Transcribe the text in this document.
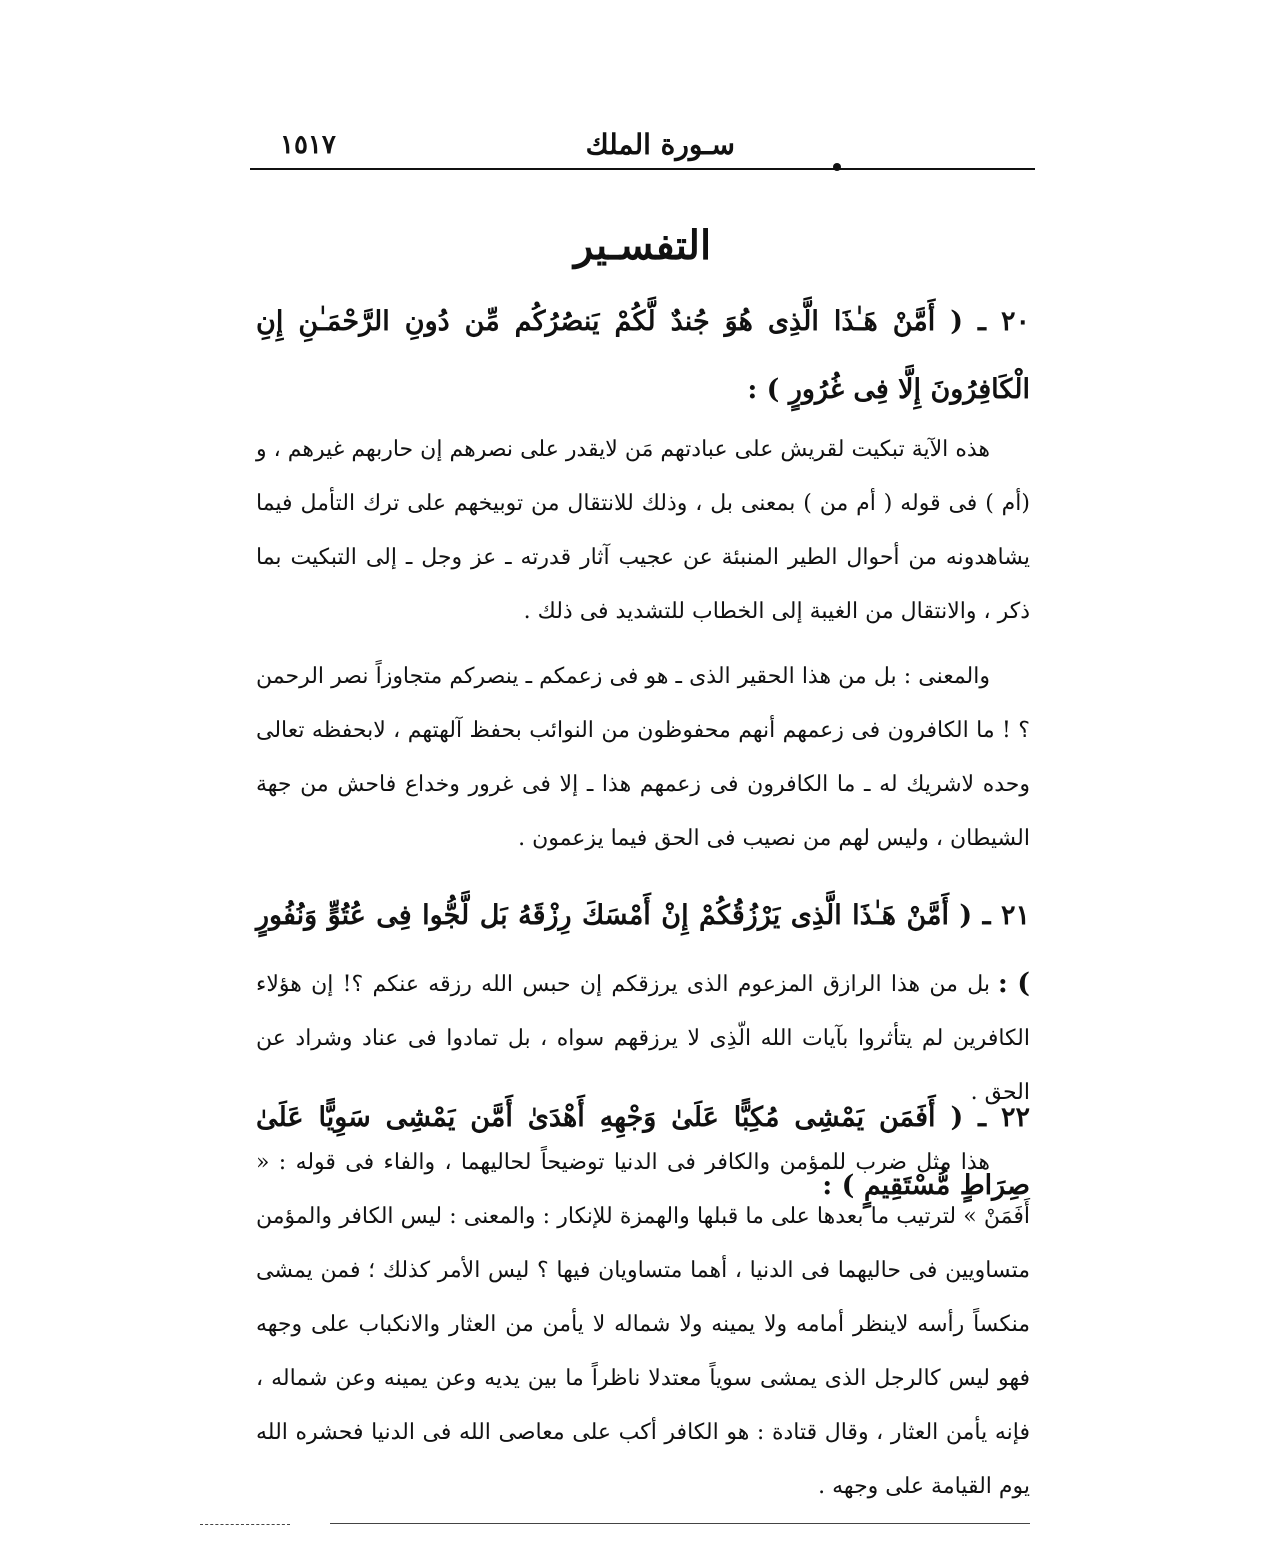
سـورة الملك
١٥١٧
التفسـير
٢٠ ـ ( أَمَّنْ هَـٰذَا الَّذِى هُوَ جُندٌ لَّكُمْ يَنصُرُكُم مِّن دُونِ الرَّحْمَـٰنِ إِنِ الْكَافِرُونَ إِلَّا فِى غُرُورٍ ) :
هذه الآية تبكيت لقريش على عبادتهم مَن لايقدر على نصرهم إن حاربهم غيرهم ، و (أم ) فى قوله ( أم من ) بمعنى بل ، وذلك للانتقال من توبيخهم على ترك التأمل فيما يشاهدونه من أحوال الطير المنبئة عن عجيب آثار قدرته ـ عز وجل ـ إلى التبكيت بما ذكر ، والانتقال من الغيبة إلى الخطاب للتشديد فى ذلك .
والمعنى : بل من هذا الحقير الذى ـ هو فى زعمكم ـ ينصركم متجاوزاً نصر الرحمن ؟ ! ما الكافرون فى زعمهم أنهم محفوظون من النوائب بحفظ آلهتهم ، لابحفظه تعالى وحده لاشريك له ـ ما الكافرون فى زعمهم هذا ـ إلا فى غرور وخداع فاحش من جهة الشيطان ، وليس لهم من نصيب فى الحق فيما يزعمون .
٢١ ـ ( أَمَّنْ هَـٰذَا الَّذِى يَرْزُقُكُمْ إِنْ أَمْسَكَ رِزْقَهُ بَل لَّجُّوا فِى عُتُوٍّ وَنُفُورٍ ) :
بل من هذا الرازق المزعوم الذى يرزقكم إن حبس الله رزقه عنكم ؟! إن هؤلاء الكافرين لم يتأثروا بآيات الله الّذِى لا يرزقهم سواه ، بل تمادوا فى عناد وشراد عن الحق .
٢٢ ـ ( أَفَمَن يَمْشِى مُكِبًّا عَلَىٰ وَجْهِهِ أَهْدَىٰ أَمَّن يَمْشِى سَوِيًّا عَلَىٰ صِرَاطٍ مُّسْتَقِيمٍ ) :
هذا مثل ضرب للمؤمن والكافر فى الدنيا توضيحاً لحاليهما ، والفاء فى قوله : « أَفَمَنْ » لترتيب ما بعدها على ما قبلها والهمزة للإنكار : والمعنى : ليس الكافر والمؤمن متساويين فى حاليهما فى الدنيا ، أهما متساويان فيها ؟ ليس الأمر كذلك ؛ فمن يمشى منكساً رأسه لاينظر أمامه ولا يمينه ولا شماله لا يأمن من العثار والانكباب على وجهه فهو ليس كالرجل الذى يمشى سوياً معتدلا ناظراً ما بين يديه وعن يمينه وعن شماله ، فإنه يأمن العثار ، وقال قتادة : هو الكافر أكب على معاصى الله فى الدنيا فحشره الله يوم القيامة على وجهه .
